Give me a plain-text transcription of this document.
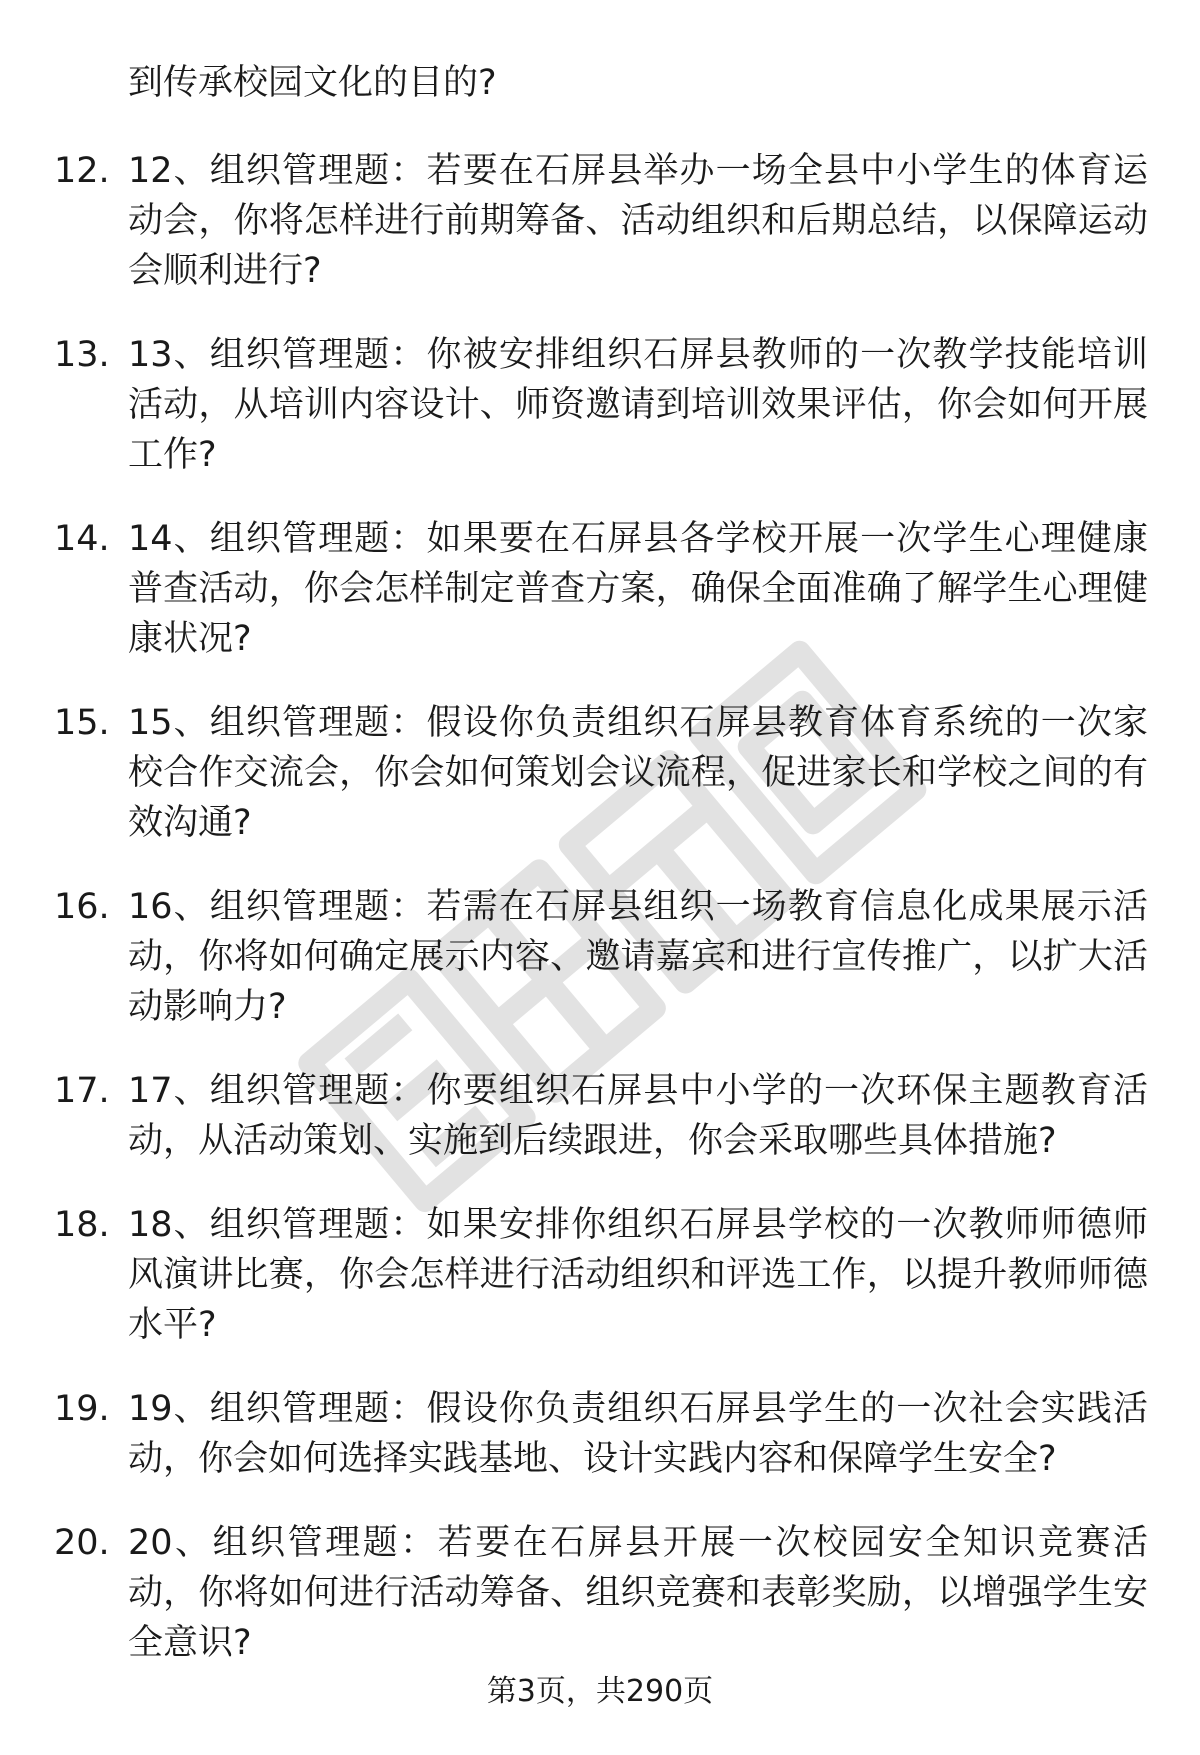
到传承校园文化的目的?
12. 12、组织管理题：若要在石屏县举办一场全县中小学生的体育运动会，你将怎样进行前期筹备、活动组织和后期总结，以保障运动会顺利进行?
13. 13、组织管理题：你被安排组织石屏县教师的一次教学技能培训活动，从培训内容设计、师资邀请到培训效果评估，你会如何开展工作?
14. 14、组织管理题：如果要在石屏县各学校开展一次学生心理健康普查活动，你会怎样制定普查方案，确保全面准确了解学生心理健康状况?
15. 15、组织管理题：假设你负责组织石屏县教育体育系统的一次家校合作交流会，你会如何策划会议流程，促进家长和学校之间的有效沟通?
16. 16、组织管理题：若需在石屏县组织一场教育信息化成果展示活动，你将如何确定展示内容、邀请嘉宾和进行宣传推广，以扩大活动影响力?
17. 17、组织管理题：你要组织石屏县中小学的一次环保主题教育活动，从活动策划、实施到后续跟进，你会采取哪些具体措施?
18. 18、组织管理题：如果安排你组织石屏县学校的一次教师师德师风演讲比赛，你会怎样进行活动组织和评选工作，以提升教师师德水平?
19. 19、组织管理题：假设你负责组织石屏县学生的一次社会实践活动，你会如何选择实践基地、设计实践内容和保障学生安全?
20. 20、组织管理题：若要在石屏县开展一次校园安全知识竞赛活动，你将如何进行活动筹备、组织竞赛和表彰奖励，以增强学生安全意识?
第3页，共290页
